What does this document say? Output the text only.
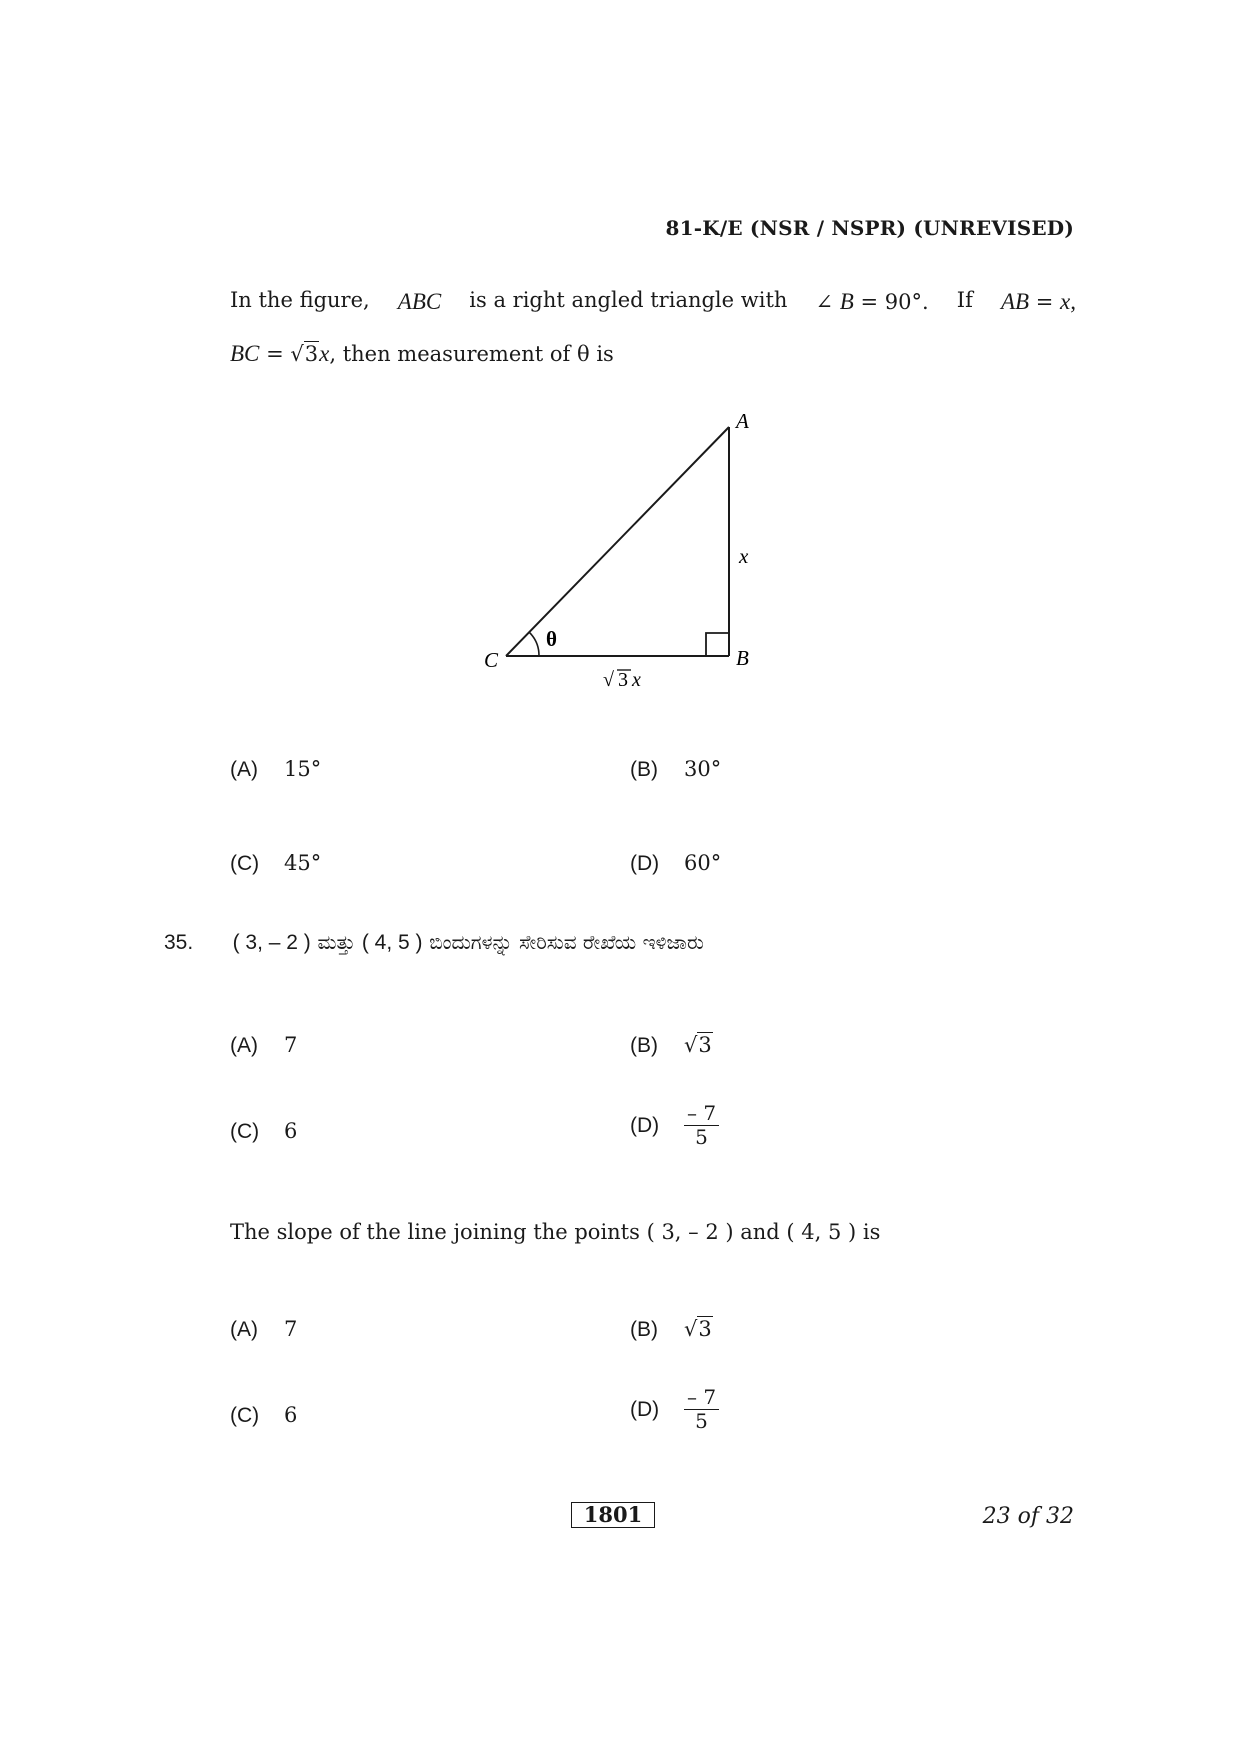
81-K/E (NSR / NSPR) (UNREVISED)
In the figure, ABC is a right angled triangle with ∠ B = 90°. If AB = x,
BC = √3x, then measurement of θ is
A
B
C
x
θ
√ 3 x
(A)	15°	(B)	30°
(C)	45°	(D)	60°
35. ( 3, – 2 ) ಮತ್ತು ( 4, 5 ) ಬಿಂದುಗಳನ್ನು ಸೇರಿಸುವ ರೇಖೆಯ ಇಳಿಜಾರು
(A)	7	(B)	√3
(C)	6	(D)	$\frac{- 7}{5}$
The slope of the line joining the points ( 3, – 2 ) and ( 4, 5 ) is
(A)	7	(B)	√3
(C)	6	(D)	$\frac{- 7}{5}$
1801	23 of 32
